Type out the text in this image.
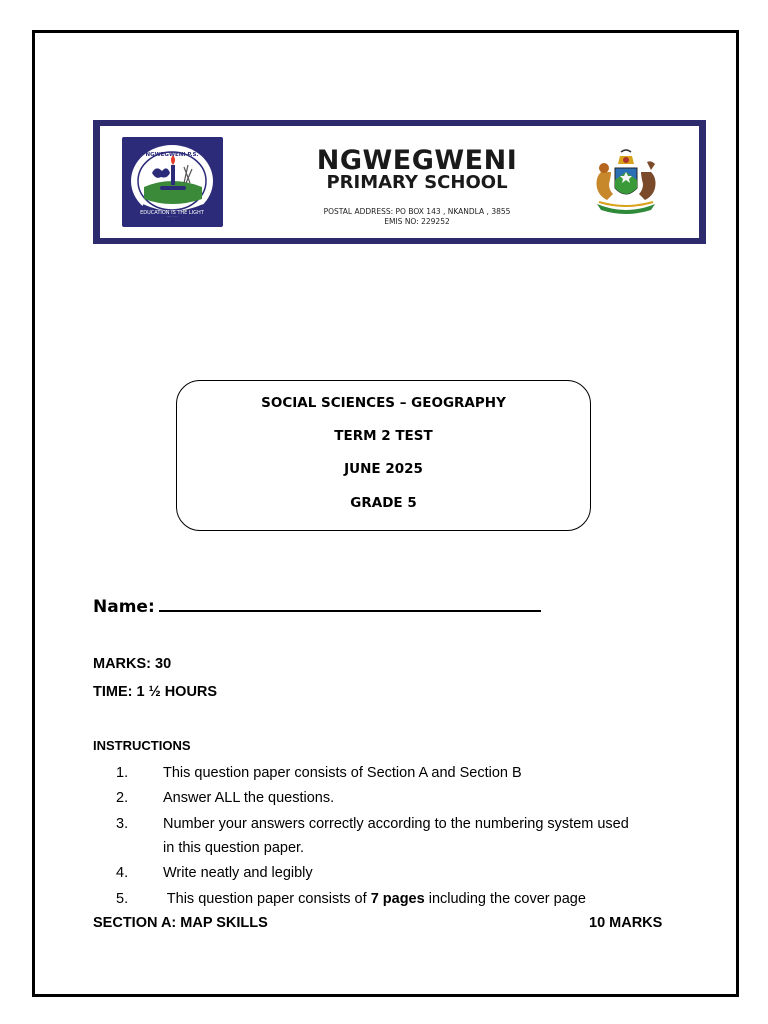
EDUCATION IS THE LIGHT
NGWEGWENI P.S.	NGWEGWENI
PRIMARY SCHOOL
POSTAL ADDRESS: PO BOX 143 , NKANDLA , 3855
EMIS NO: 229252
SOCIAL SCIENCES – GEOGRAPHY
TERM 2 TEST
JUNE 2025
GRADE 5
Name:
MARKS: 30
TIME: 1 ½ HOURS
INSTRUCTIONS
1. This question paper consists of Section A and Section B
2. Answer ALL the questions.
3. Number your answers correctly according to the numbering system used
in this question paper.
4. Write neatly and legibly
5. This question paper consists of 7 pages including the cover page
SECTION A: MAP SKILLS	10 MARKS
